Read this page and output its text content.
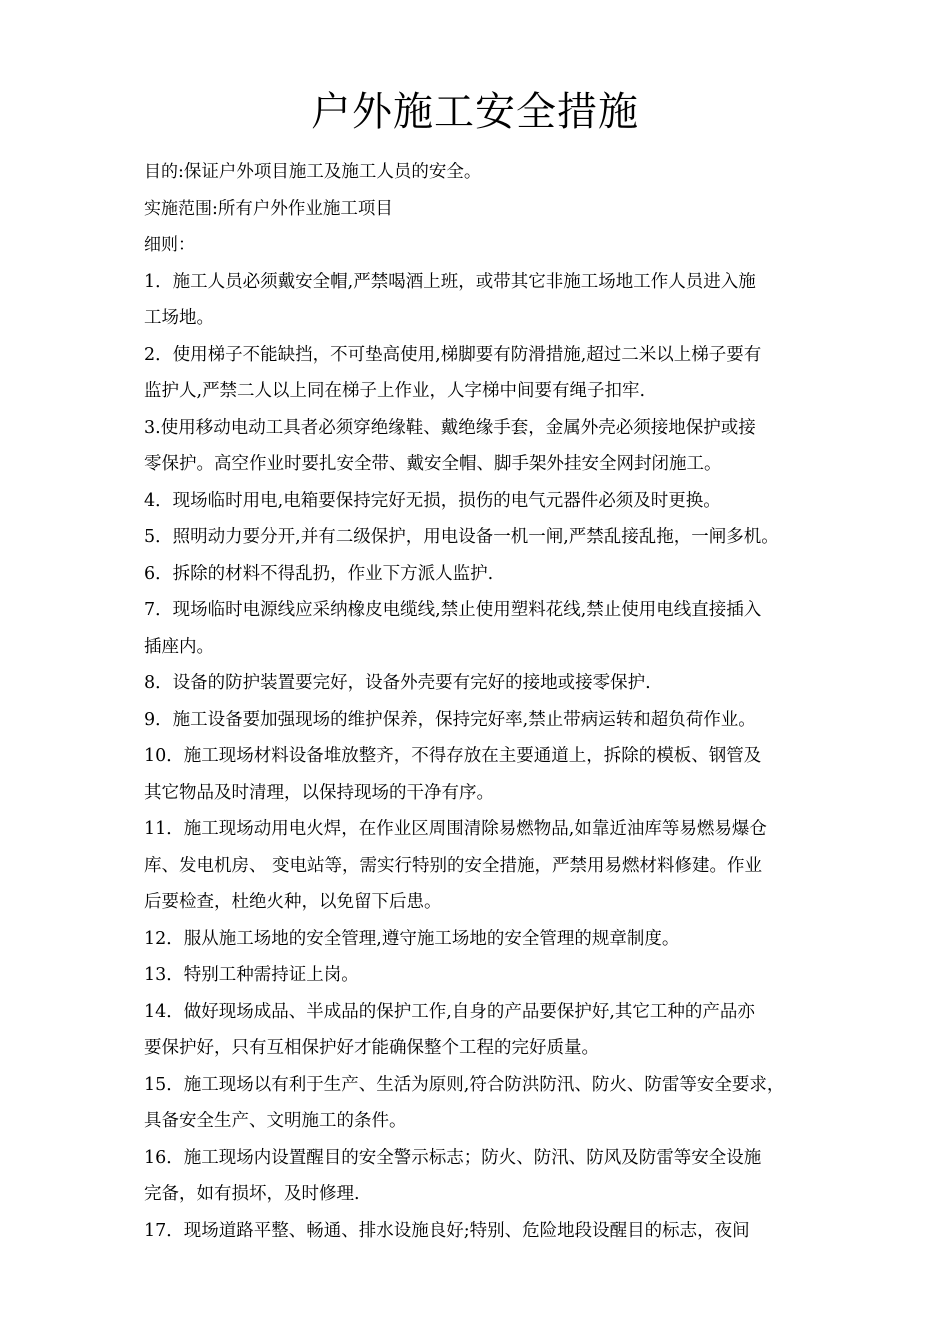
户外施工安全措施
目的:保证户外项目施工及施工人员的安全。
实施范围:所有户外作业施工项目
细则：
1．施工人员必须戴安全帽,严禁喝酒上班，或带其它非施工场地工作人员进入施
工场地。
2．使用梯子不能缺挡，不可垫高使用,梯脚要有防滑措施,超过二米以上梯子要有
监护人,严禁二人以上同在梯子上作业，人字梯中间要有绳子扣牢.
3.使用移动电动工具者必须穿绝缘鞋、戴绝缘手套，金属外壳必须接地保护或接
零保护。高空作业时要扎安全带、戴安全帽、脚手架外挂安全网封闭施工。
4．现场临时用电,电箱要保持完好无损，损伤的电气元器件必须及时更换。
5．照明动力要分开,并有二级保护，用电设备一机一闸,严禁乱接乱拖，一闸多机。
6．拆除的材料不得乱扔，作业下方派人监护.
7．现场临时电源线应采纳橡皮电缆线,禁止使用塑料花线,禁止使用电线直接插入
插座内。
8．设备的防护装置要完好，设备外壳要有完好的接地或接零保护.
9．施工设备要加强现场的维护保养，保持完好率,禁止带病运转和超负荷作业。
10．施工现场材料设备堆放整齐，不得存放在主要通道上，拆除的模板、钢管及
其它物品及时清理，以保持现场的干净有序。
11．施工现场动用电火焊，在作业区周围清除易燃物品,如靠近油库等易燃易爆仓
库、发电机房、 变电站等，需实行特别的安全措施，严禁用易燃材料修建。作业
后要检查，杜绝火种，以免留下后患。
12．服从施工场地的安全管理,遵守施工场地的安全管理的规章制度。
13．特别工种需持证上岗。
14．做好现场成品、半成品的保护工作,自身的产品要保护好,其它工种的产品亦
要保护好，只有互相保护好才能确保整个工程的完好质量。
15．施工现场以有利于生产、生活为原则,符合防洪防汛、防火、防雷等安全要求，
具备安全生产、文明施工的条件。
16．施工现场内设置醒目的安全警示标志；防火、防汛、防风及防雷等安全设施
完备，如有损坏，及时修理.
17．现场道路平整、畅通、排水设施良好;特别、危险地段设醒目的标志，夜间
